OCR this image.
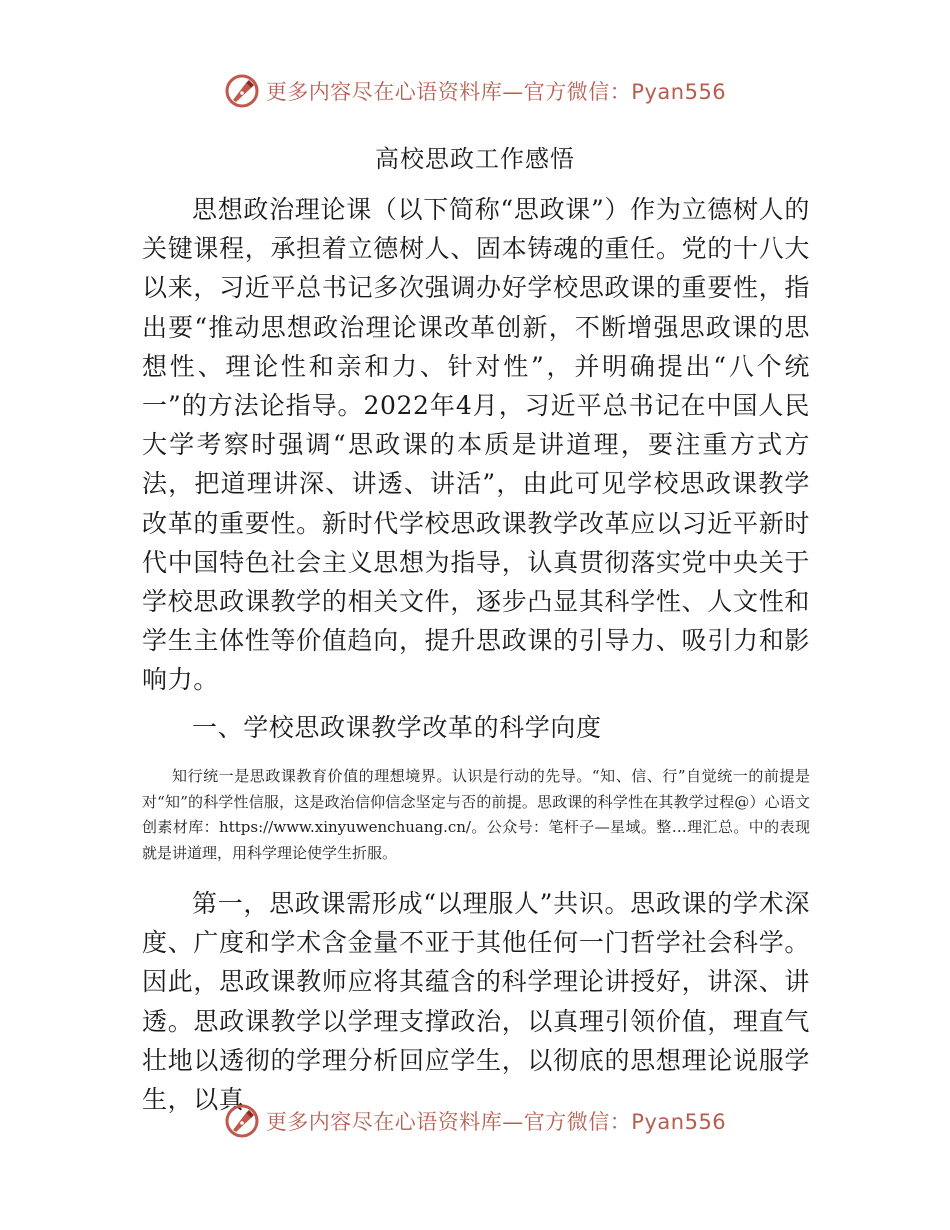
更多内容尽在心语资料库—官方微信：Pyan556
高校思政工作感悟

思想政治理论课（以下简称“思政课”）作为立德树人的关键课程，承担着立德树人、固本铸魂的重任。党的十八大以来，习近平总书记多次强调办好学校思政课的重要性，指出要“推动思想政治理论课改革创新，不断增强思政课的思想性、理论性和亲和力、针对性”，并明确提出“八个统一”的方法论指导。2022年4月，习近平总书记在中国人民大学考察时强调“思政课的本质是讲道理，要注重方式方法，把道理讲深、讲透、讲活”，由此可见学校思政课教学改革的重要性。新时代学校思政课教学改革应以习近平新时代中国特色社会主义思想为指导，认真贯彻落实党中央关于学校思政课教学的相关文件，逐步凸显其科学性、人文性和学生主体性等价值趋向，提升思政课的引导力、吸引力和影响力。

一、学校思政课教学改革的科学向度

知行统一是思政课教育价值的理想境界。认识是行动的先导。“知、信、行”自觉统一的前提是对“知”的科学性信服，这是政治信仰信念坚定与否的前提。思政课的科学性在其教学过程@）心语文创素材库：https://www.xinyuwenchuang.cn/。公众号：笔杆子—星域。整…理汇总。中的表现就是讲道理，用科学理论使学生折服。

第一，思政课需形成“以理服人”共识。思政课的学术深度、广度和学术含金量不亚于其他任何一门哲学社会科学。因此，思政课教师应将其蕴含的科学理论讲授好，讲深、讲透。思政课教学以学理支撑政治，以真理引领价值，理直气壮地以透彻的学理分析回应学生，以彻底的思想理论说服学生，以真

更多内容尽在心语资料库—官方微信：Pyan556
